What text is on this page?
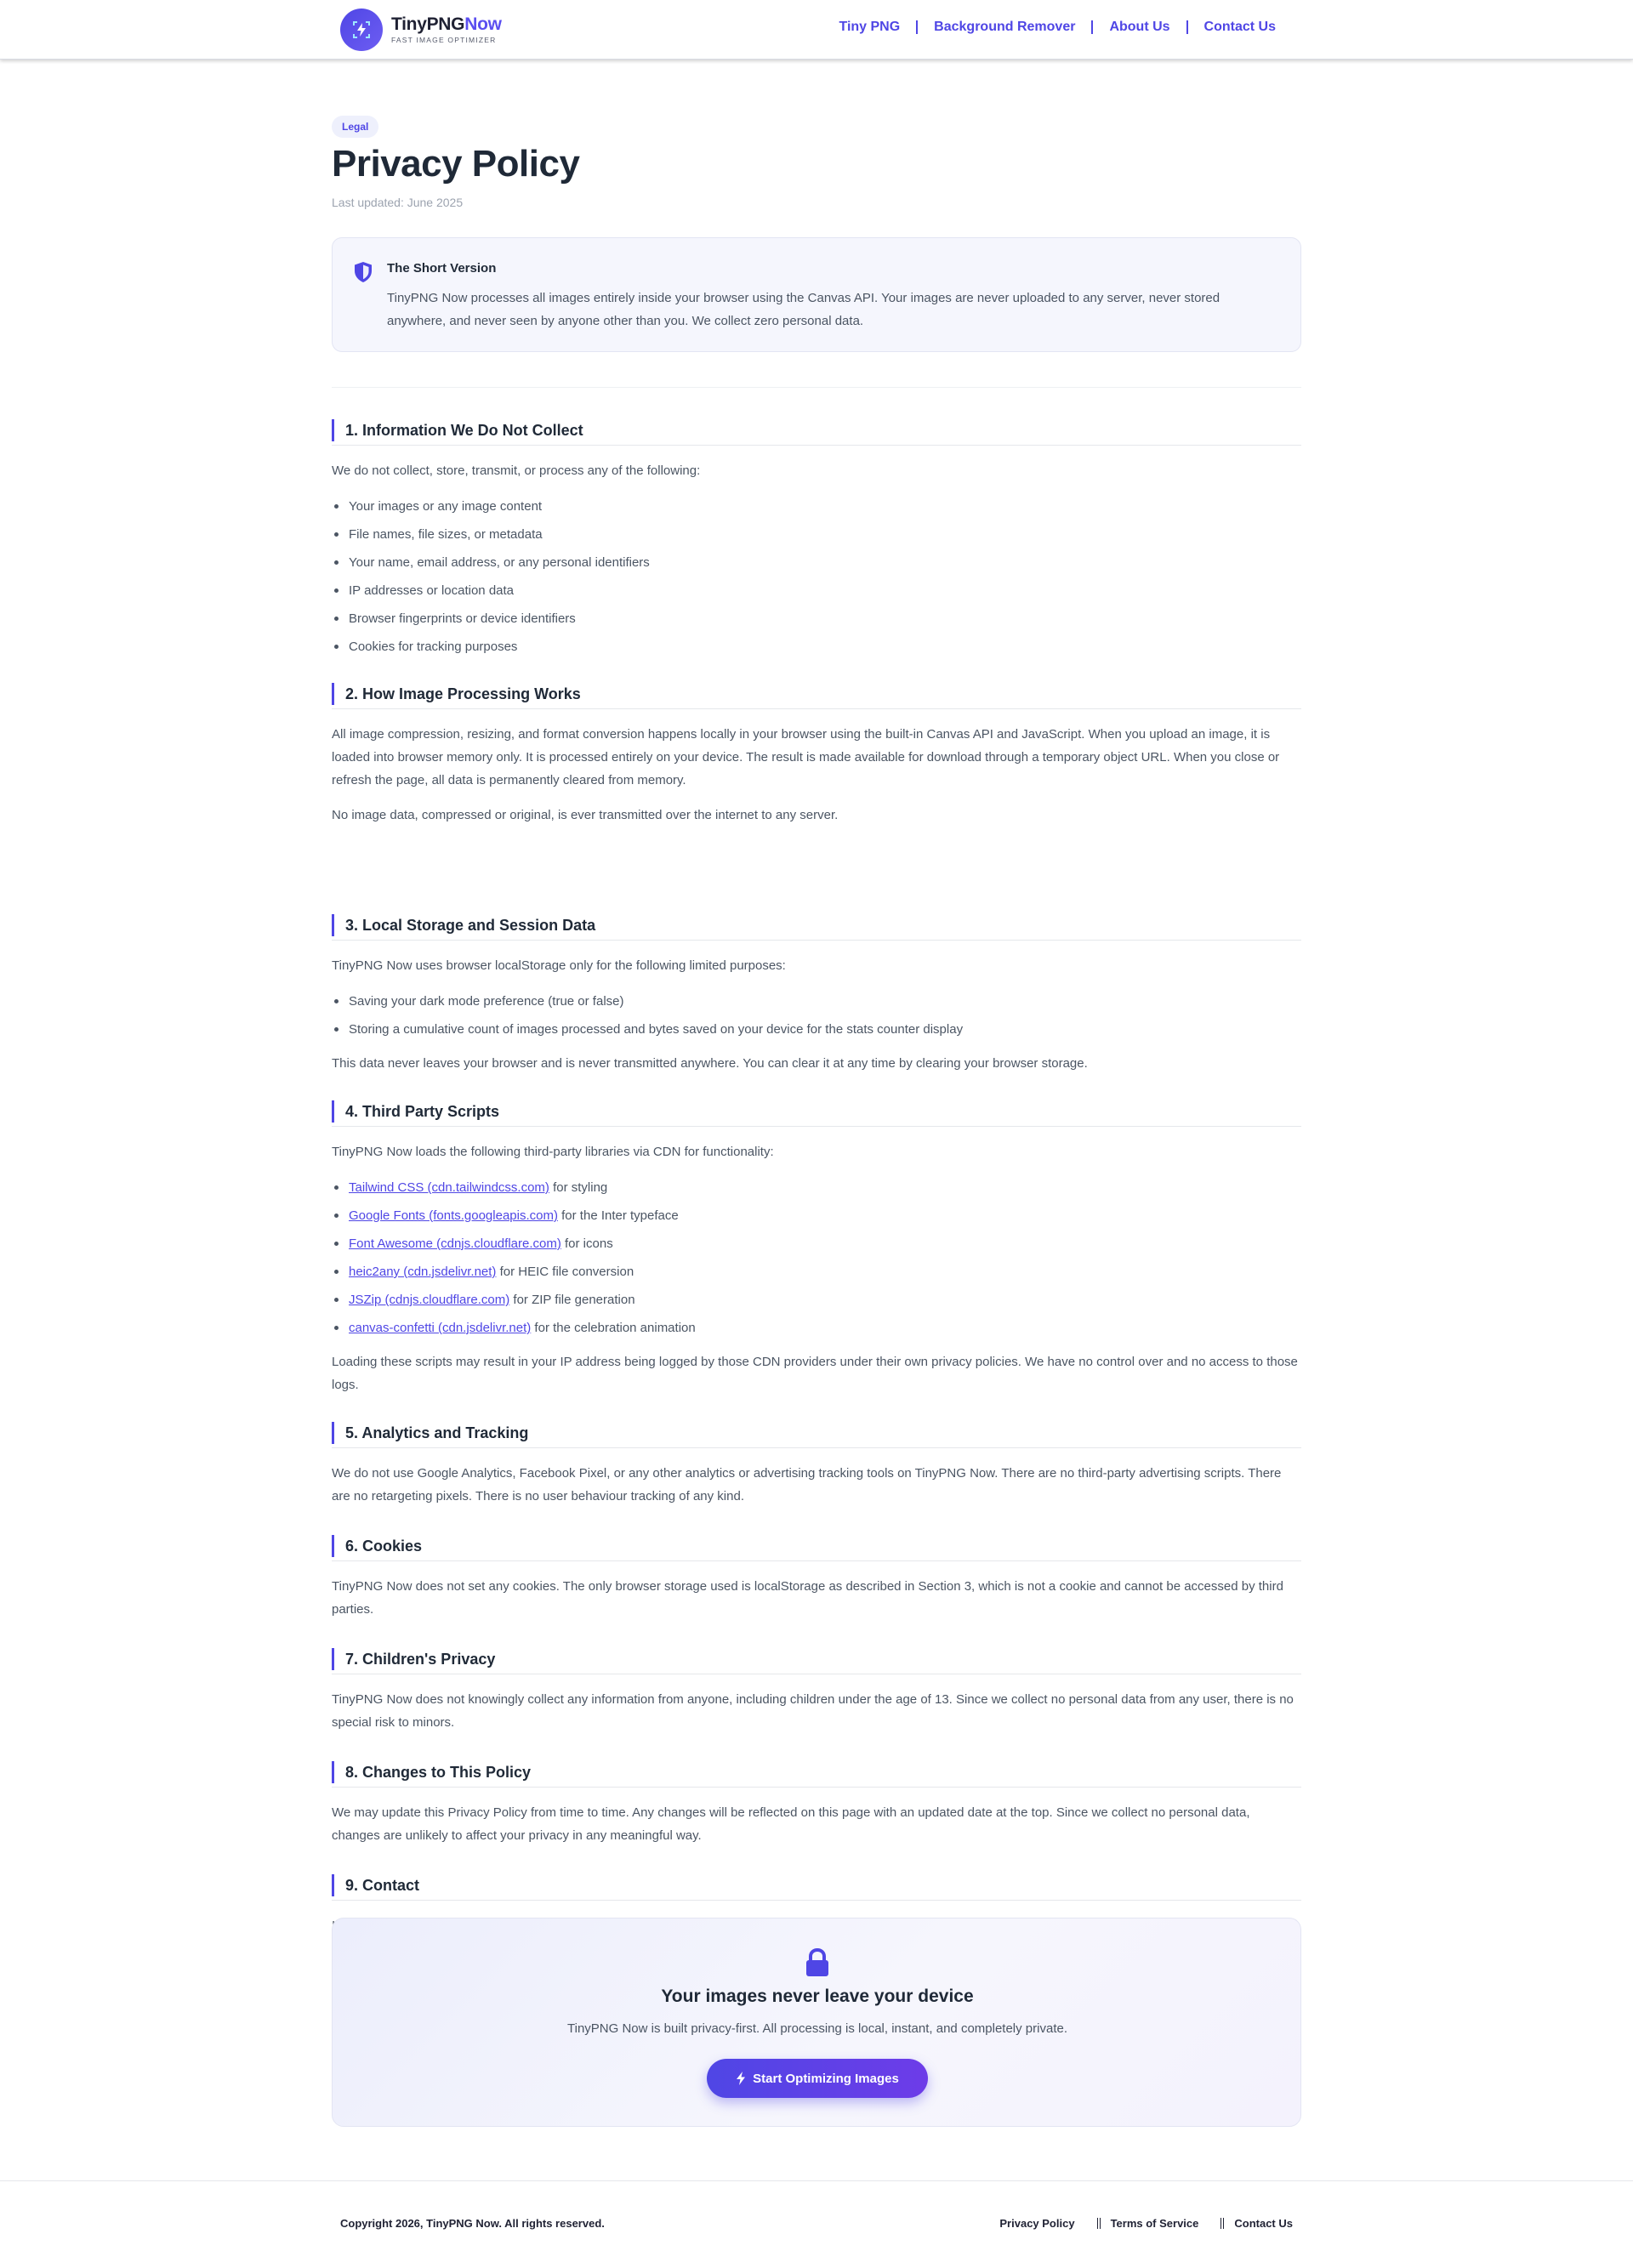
TinyPNGNow
FAST IMAGE OPTIMIZER
Tiny PNG	Background Remover	About Us	Contact Us
Legal
Privacy Policy
Last updated: June 2025
The Short Version
TinyPNG Now processes all images entirely inside your browser using the Canvas API. Your images are never uploaded to any server, never stored anywhere, and never seen by anyone other than you. We collect zero personal data.
1. Information We Do Not Collect

We do not collect, store, transmit, or process any of the following:

Your images or any image content
File names, file sizes, or metadata
Your name, email address, or any personal identifiers
IP addresses or location data
Browser fingerprints or device identifiers
Cookies for tracking purposes
2. How Image Processing Works

All image compression, resizing, and format conversion happens locally in your browser using the built-in Canvas API and JavaScript. When you upload an image, it is loaded into browser memory only. It is processed entirely on your device. The result is made available for download through a temporary object URL. When you close or refresh the page, all data is permanently cleared from memory.

No image data, compressed or original, is ever transmitted over the internet to any server.

3. Local Storage and Session Data

TinyPNG Now uses browser localStorage only for the following limited purposes:

Saving your dark mode preference (true or false)
Storing a cumulative count of images processed and bytes saved on your device for the stats counter display

This data never leaves your browser and is never transmitted anywhere. You can clear it at any time by clearing your browser storage.

4. Third Party Scripts

TinyPNG Now loads the following third-party libraries via CDN for functionality:

Tailwind CSS (cdn.tailwindcss.com) for styling
Google Fonts (fonts.googleapis.com) for the Inter typeface
Font Awesome (cdnjs.cloudflare.com) for icons
heic2any (cdn.jsdelivr.net) for HEIC file conversion
JSZip (cdnjs.cloudflare.com) for ZIP file generation
canvas-confetti (cdn.jsdelivr.net) for the celebration animation

Loading these scripts may result in your IP address being logged by those CDN providers under their own privacy policies. We have no control over and no access to those logs.

5. Analytics and Tracking

We do not use Google Analytics, Facebook Pixel, or any other analytics or advertising tracking tools on TinyPNG Now. There are no third-party advertising scripts. There are no retargeting pixels. There is no user behaviour tracking of any kind.

6. Cookies

TinyPNG Now does not set any cookies. The only browser storage used is localStorage as described in Section 3, which is not a cookie and cannot be accessed by third parties.

7. Children's Privacy

TinyPNG Now does not knowingly collect any information from anyone, including children under the age of 13. Since we collect no personal data from any user, there is no special risk to minors.

8. Changes to This Policy

We may update this Privacy Policy from time to time. Any changes will be reflected on this page with an updated date at the top. Since we collect no personal data, changes are unlikely to affect your privacy in any meaningful way.

9. Contact

Your images never leave your device
TinyPNG Now is built privacy-first. All processing is local, instant, and completely private.
Start Optimizing Images
Copyright 2026, TinyPNG Now. All rights reserved.	Privacy Policy	Terms of Service	Contact Us
